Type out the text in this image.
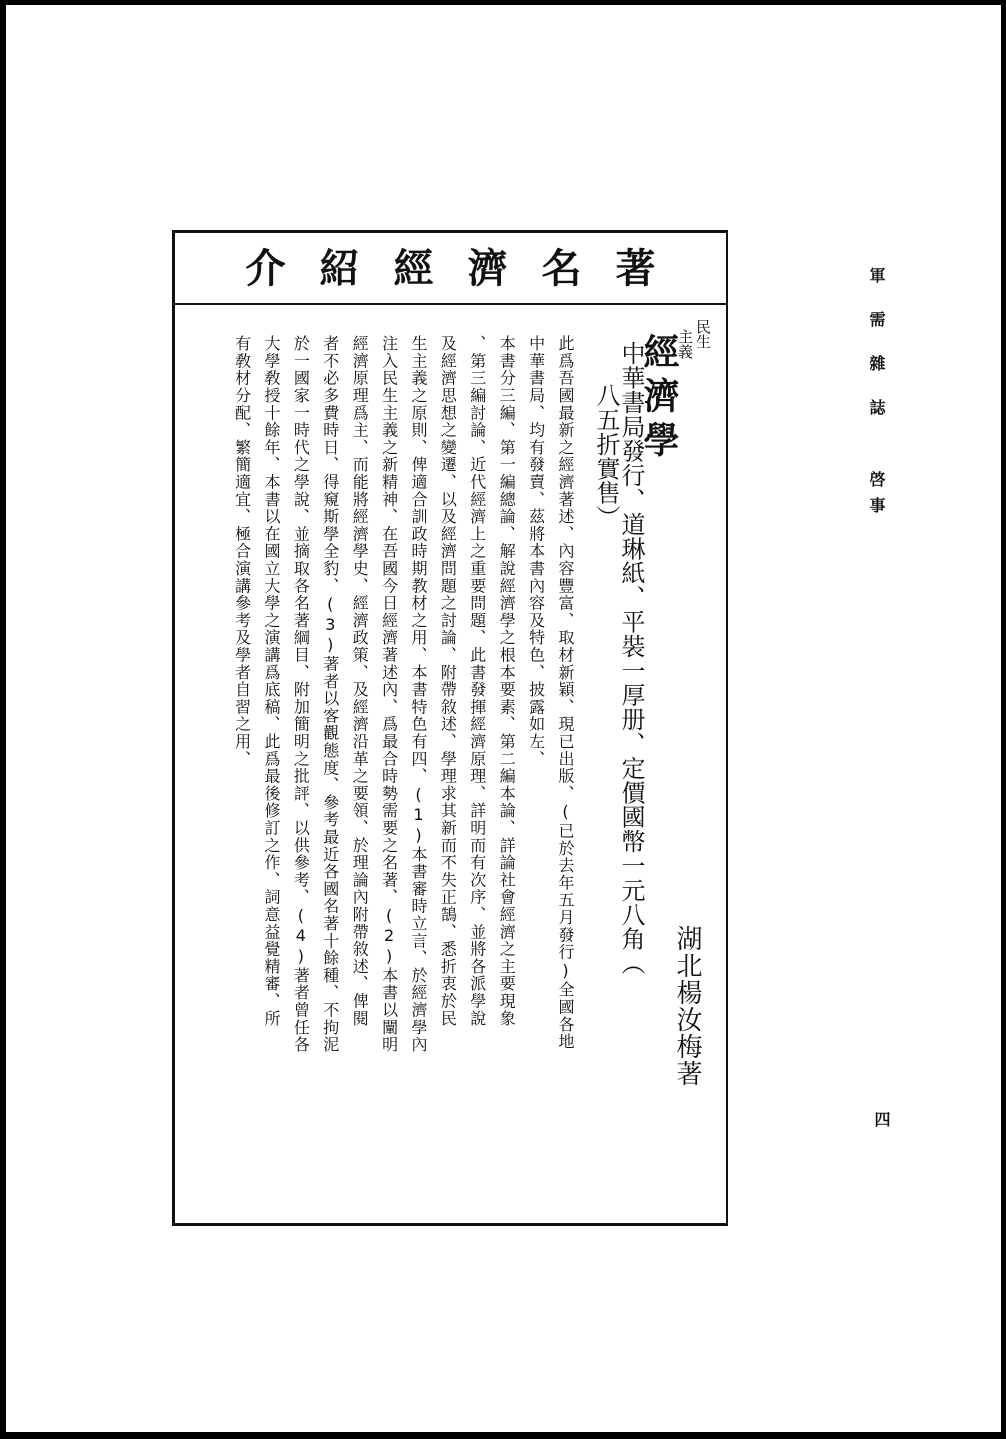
軍需雜誌
啓事
四
介紹經濟名著
民生
主義
經濟學
湖北楊汝梅著
中華書局發行、道琳紙、平裝一厚册、定價國幣一元八角（
八五折實售）
此爲吾國最新之經濟著述、內容豐富、取材新穎、現已出版、(已於去年五月發行)全國各地
中華書局、均有發賣、茲將本書內容及特色、披露如左、
本書分三編、第一編總論、解說經濟學之根本要素、第二編本論、詳論社會經濟之主要現象
、第三編討論、近代經濟上之重要問題、此書發揮經濟原理、詳明而有次序、並將各派學說
及經濟思想之變遷、以及經濟問題之討論、附帶敘述、學理求其新而不失正鵠、悉折衷於民
生主義之原則、俾適合訓政時期教材之用、本書特色有四、(1)本書審時立言、於經濟學內
注入民生主義之新精神、在吾國今日經濟著述內、爲最合時勢需要之名著、(2)本書以闡明
經濟原理爲主、而能將經濟學史、經濟政策、及經濟沿革之要領、於理論內附帶敘述、俾閱
者不必多費時日、得窺斯學全豹、(3)著者以客觀態度、參考最近各國名著十餘種、不拘泥
於一國家一時代之學說、並摘取各名著綱目、附加簡明之批評、以供參考、(4)著者曾任各
大學敎授十餘年、本書以在國立大學之演講爲底稿、此爲最後修訂之作、詞意益覺精審、所
有敎材分配、繁簡適宜、極合演講參考及學者自習之用、
